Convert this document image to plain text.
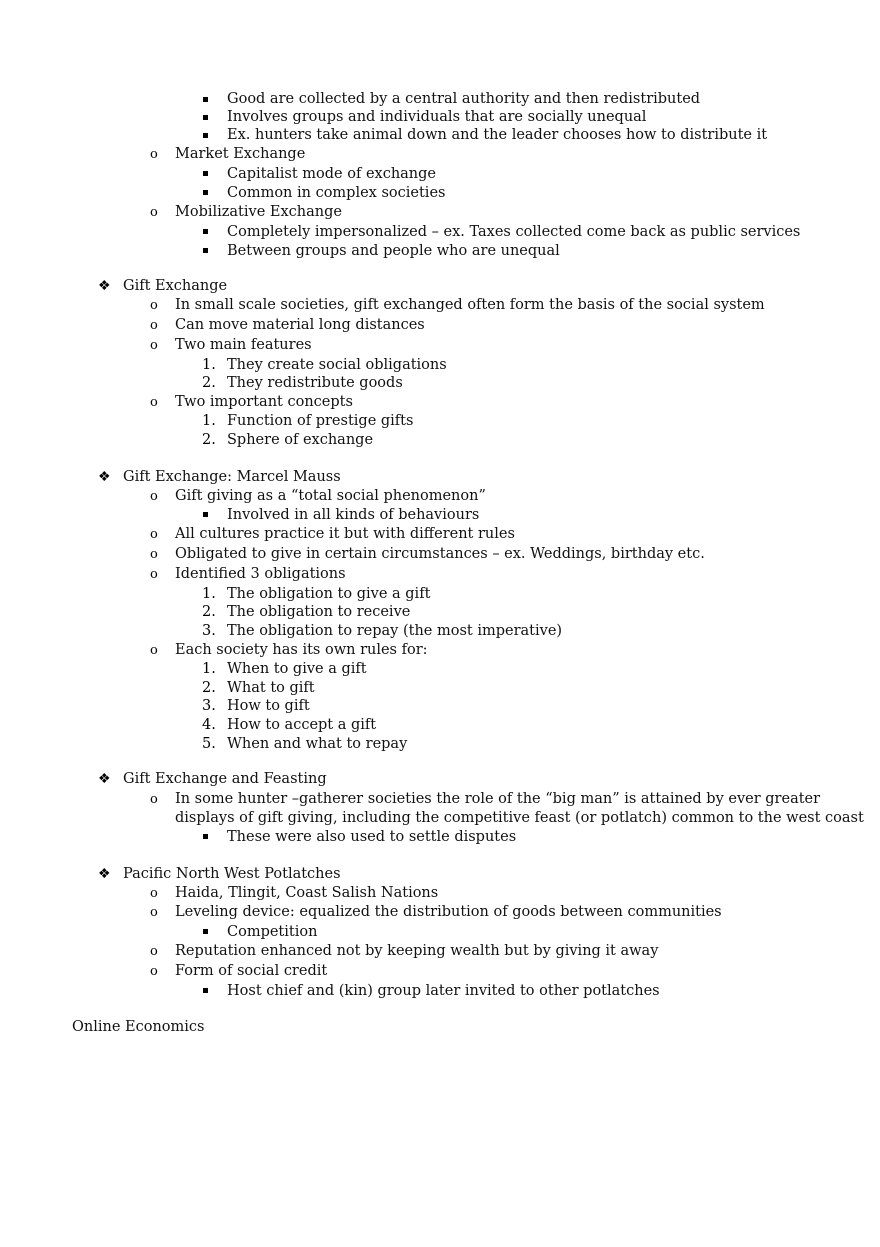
Good are collected by a central authority and then redistributed
Involves groups and individuals that are socially unequal
Ex. hunters take animal down and the leader chooses how to distribute it
o Market Exchange
Capitalist mode of exchange
Common in complex societies
o Mobilizative Exchange
Completely impersonalized – ex. Taxes collected come back as public services
Between groups and people who are unequal
❖ Gift Exchange
o In small scale societies, gift exchanged often form the basis of the social system
o Can move material long distances
o Two main features
1. They create social obligations
2. They redistribute goods
o Two important concepts
1. Function of prestige gifts
2. Sphere of exchange
❖ Gift Exchange: Marcel Mauss
o Gift giving as a “total social phenomenon”
Involved in all kinds of behaviours
o All cultures practice it but with different rules
o Obligated to give in certain circumstances – ex. Weddings, birthday etc.
o Identified 3 obligations
1. The obligation to give a gift
2. The obligation to receive
3. The obligation to repay (the most imperative)
o Each society has its own rules for:
1. When to give a gift
2. What to gift
3. How to gift
4. How to accept a gift
5. When and what to repay
❖ Gift Exchange and Feasting
o In some hunter –gatherer societies the role of the “big man” is attained by ever greater
displays of gift giving, including the competitive feast (or potlatch) common to the west coast
These were also used to settle disputes
❖ Pacific North West Potlatches
o Haida, Tlingit, Coast Salish Nations
o Leveling device: equalized the distribution of goods between communities
Competition
o Reputation enhanced not by keeping wealth but by giving it away
o Form of social credit
Host chief and (kin) group later invited to other potlatches
Online Economics
